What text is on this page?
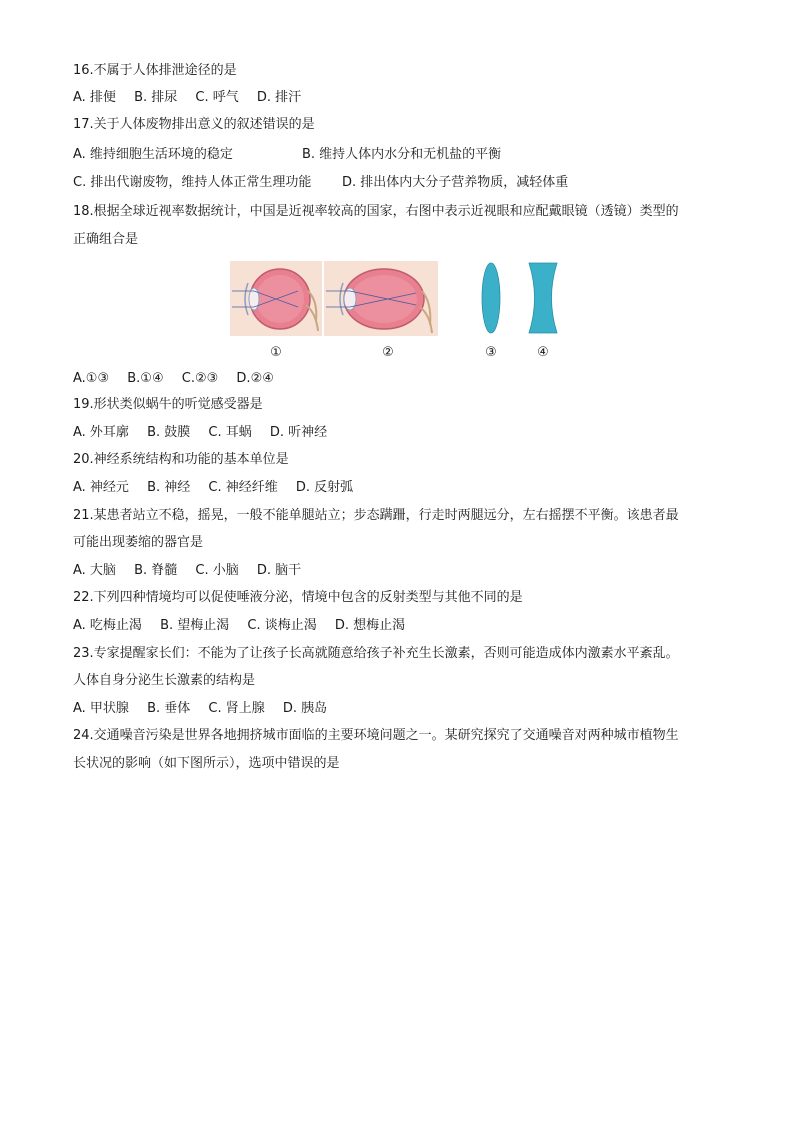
16.不属于人体排泄途径的是
A. 排便 B. 排尿 C. 呼气 D. 排汗
17.关于人体废物排出意义的叙述错误的是
A. 维持细胞生活环境的稳定	B. 维持人体内水分和无机盐的平衡
C. 排出代谢废物，维持人体正常生理功能 D. 排出体内大分子营养物质，减轻体重
18.根据全球近视率数据统计，中国是近视率较高的国家，右图中表示近视眼和应配戴眼镜（透镜）类型的
正确组合是
①	②	③	④
A.①③ B.①④ C.②③ D.②④
19.形状类似蜗牛的听觉感受器是
A. 外耳廓 B. 鼓膜 C. 耳蜗 D. 听神经
20.神经系统结构和功能的基本单位是
A. 神经元 B. 神经 C. 神经纤维 D. 反射弧
21.某患者站立不稳，摇晃，一般不能单腿站立；步态蹒跚，行走时两腿远分，左右摇摆不平衡。该患者最
可能出现萎缩的器官是
A. 大脑 B. 脊髓 C. 小脑 D. 脑干
22.下列四种情境均可以促使唾液分泌，情境中包含的反射类型与其他不同的是
A. 吃梅止渴 B. 望梅止渴 C. 谈梅止渴 D. 想梅止渴
23.专家提醒家长们：不能为了让孩子长高就随意给孩子补充生长激素，否则可能造成体内激素水平紊乱。
人体自身分泌生长激素的结构是
A. 甲状腺 B. 垂体 C. 肾上腺 D. 胰岛
24.交通噪音污染是世界各地拥挤城市面临的主要环境问题之一。某研究探究了交通噪音对两种城市植物生
长状况的影响（如下图所示），选项中错误的是
